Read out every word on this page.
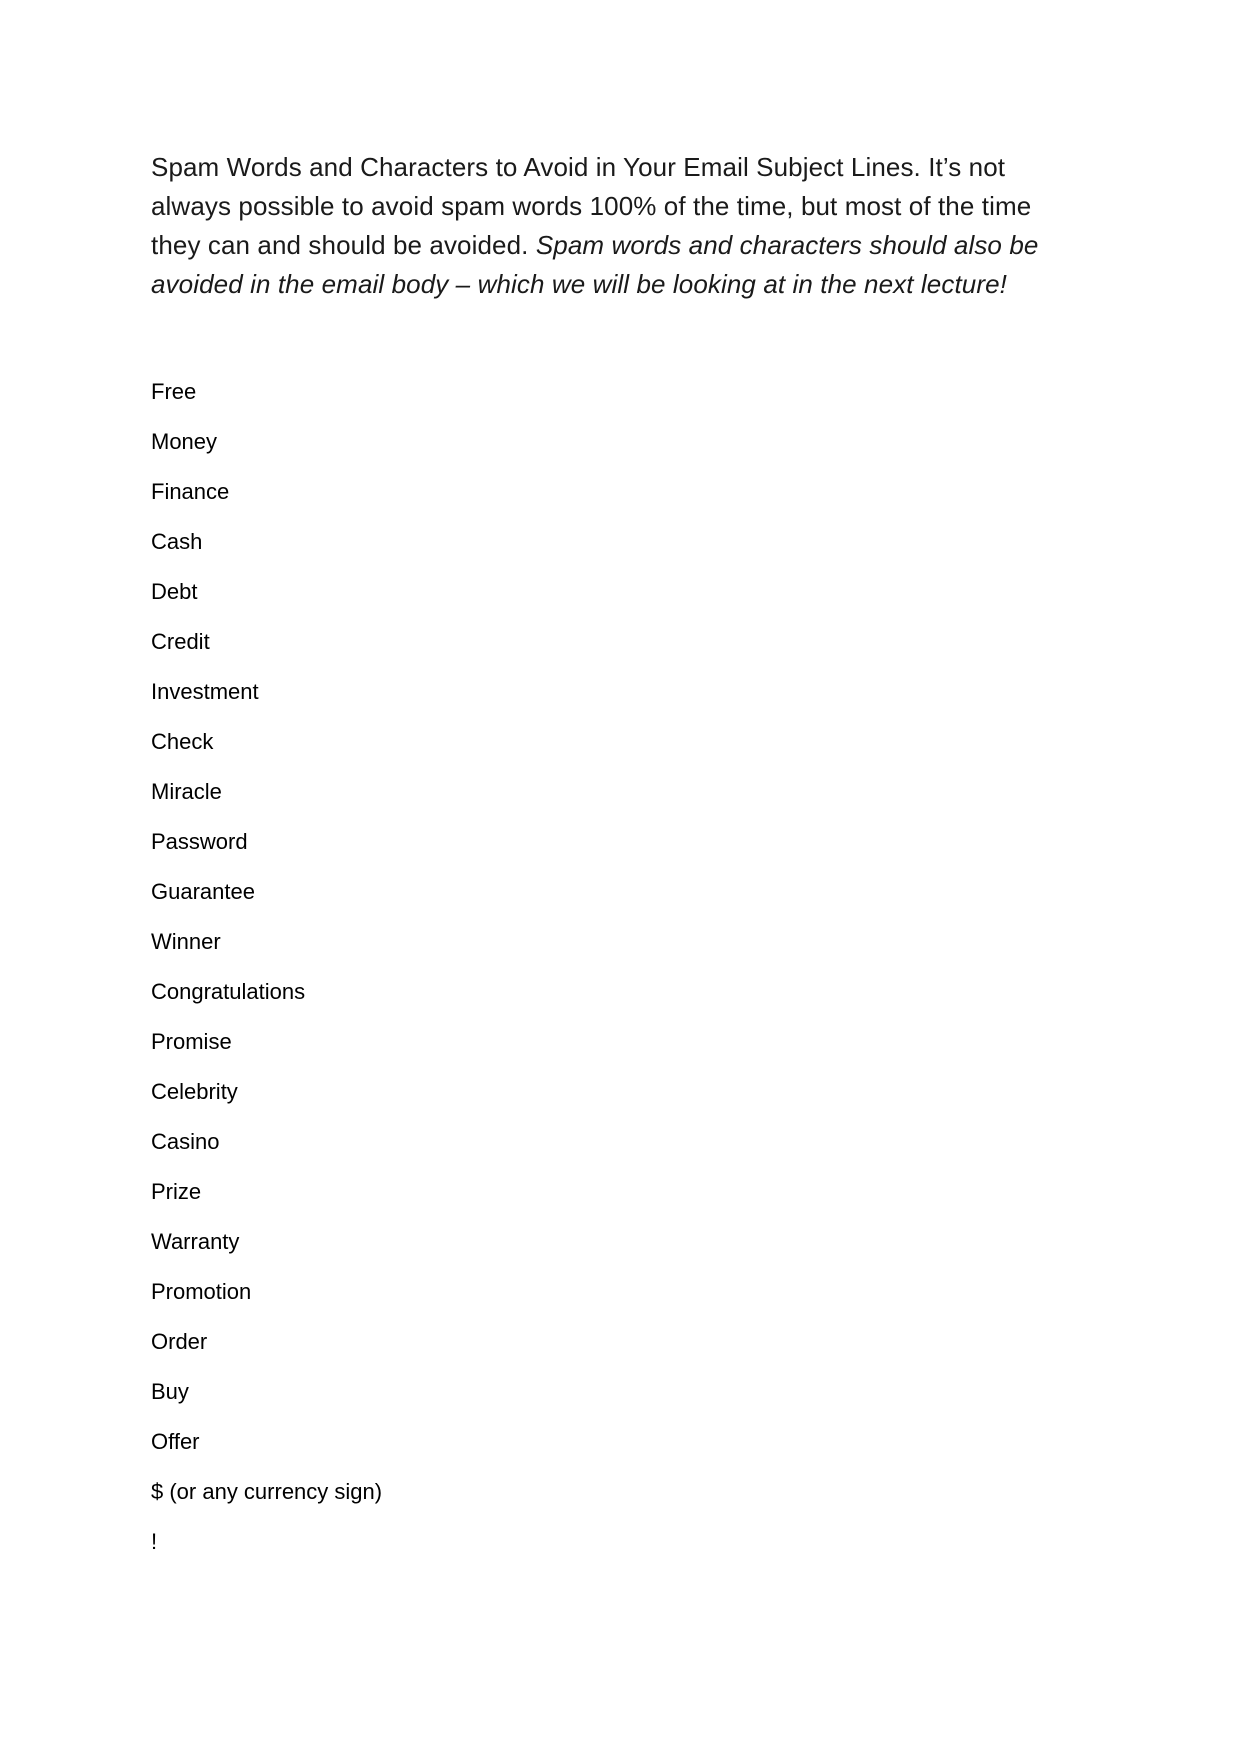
Spam Words and Characters to Avoid in Your Email Subject Lines. It’s not always possible to avoid spam words 100% of the time, but most of the time they can and should be avoided. Spam words and characters should also be avoided in the email body – which we will be looking at in the next lecture!

Free
Money
Finance
Cash
Debt
Credit
Investment
Check
Miracle
Password
Guarantee
Winner
Congratulations
Promise
Celebrity
Casino
Prize
Warranty
Promotion
Order
Buy
Offer
$ (or any currency sign)
!
